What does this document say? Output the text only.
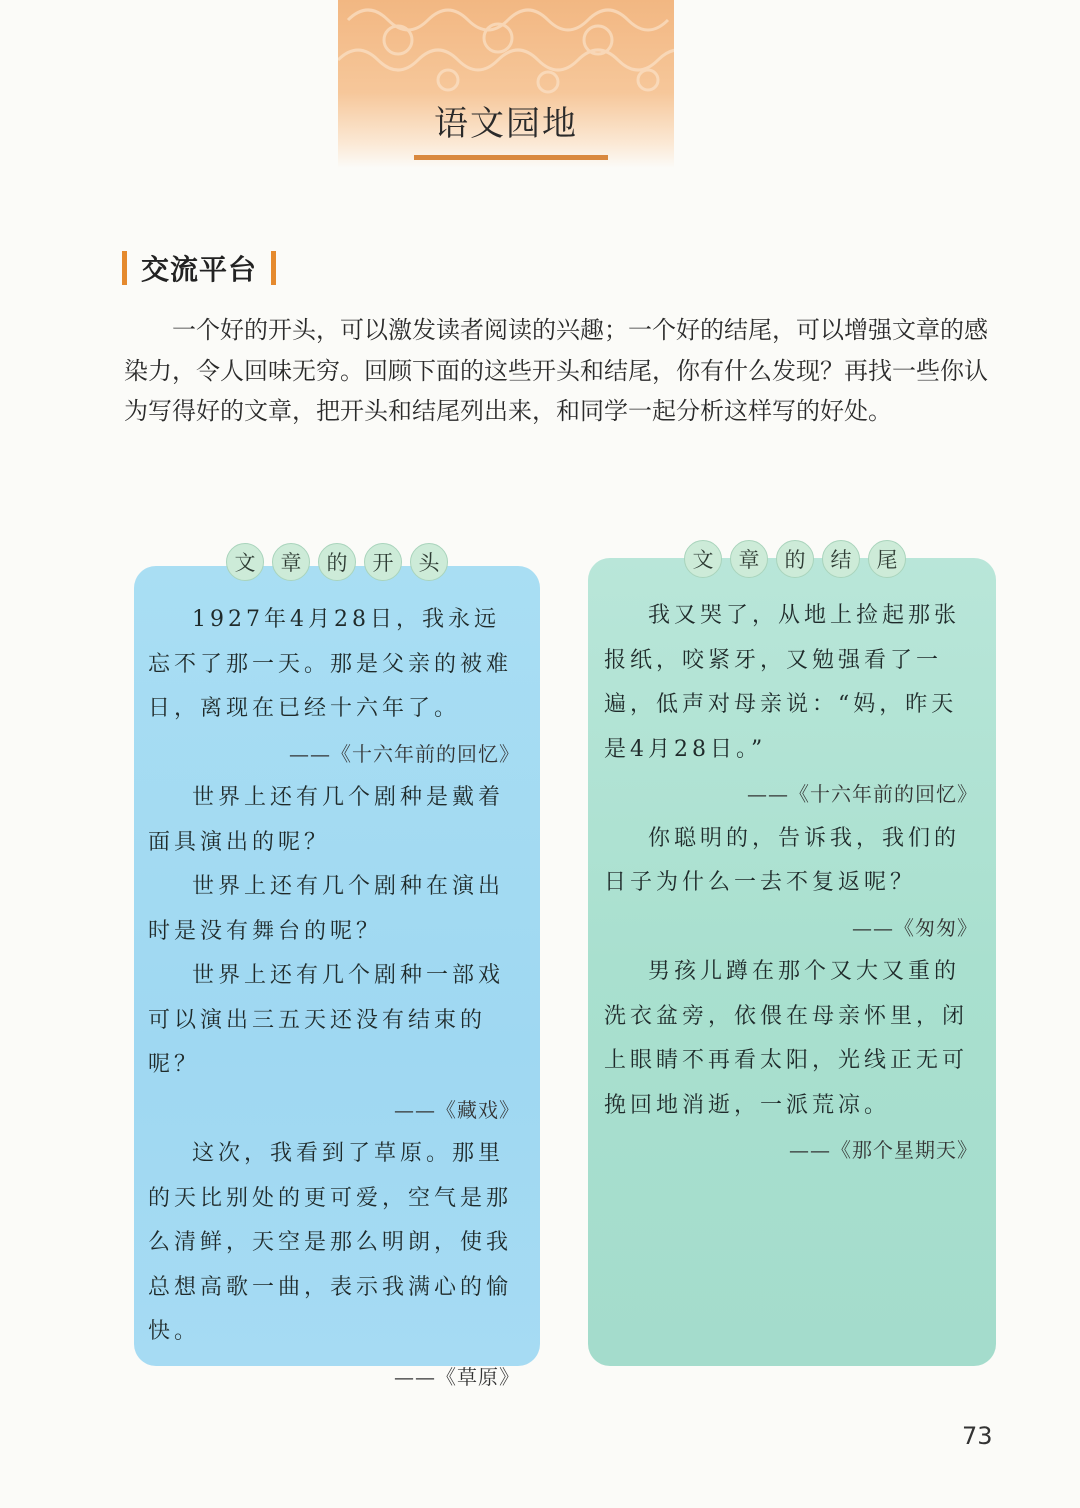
语文园地
交流平台
一个好的开头，可以激发读者阅读的兴趣；一个好的结尾，可以增强文章的感染力，令人回味无穷。回顾下面的这些开头和结尾，你有什么发现？再找一些你认为写得好的文章，把开头和结尾列出来，和同学一起分析这样写的好处。
文	章	的	开	头

1927年4月28日，我永远忘不了那一天。那是父亲的被难日，离现在已经十六年了。

——《十六年前的回忆》

世界上还有几个剧种是戴着面具演出的呢？

世界上还有几个剧种在演出时是没有舞台的呢？

世界上还有几个剧种一部戏可以演出三五天还没有结束的呢？

——《藏戏》

这次，我看到了草原。那里的天比别处的更可爱，空气是那么清鲜，天空是那么明朗，使我总想高歌一曲，表示我满心的愉快。

——《草原》

文	章	的	结	尾

我又哭了，从地上捡起那张报纸，咬紧牙，又勉强看了一遍，低声对母亲说：“妈，昨天是4月28日。”

——《十六年前的回忆》

你聪明的，告诉我，我们的日子为什么一去不复返呢？

——《匆匆》

男孩儿蹲在那个又大又重的洗衣盆旁，依偎在母亲怀里，闭上眼睛不再看太阳，光线正无可挽回地消逝，一派荒凉。

——《那个星期天》

73
